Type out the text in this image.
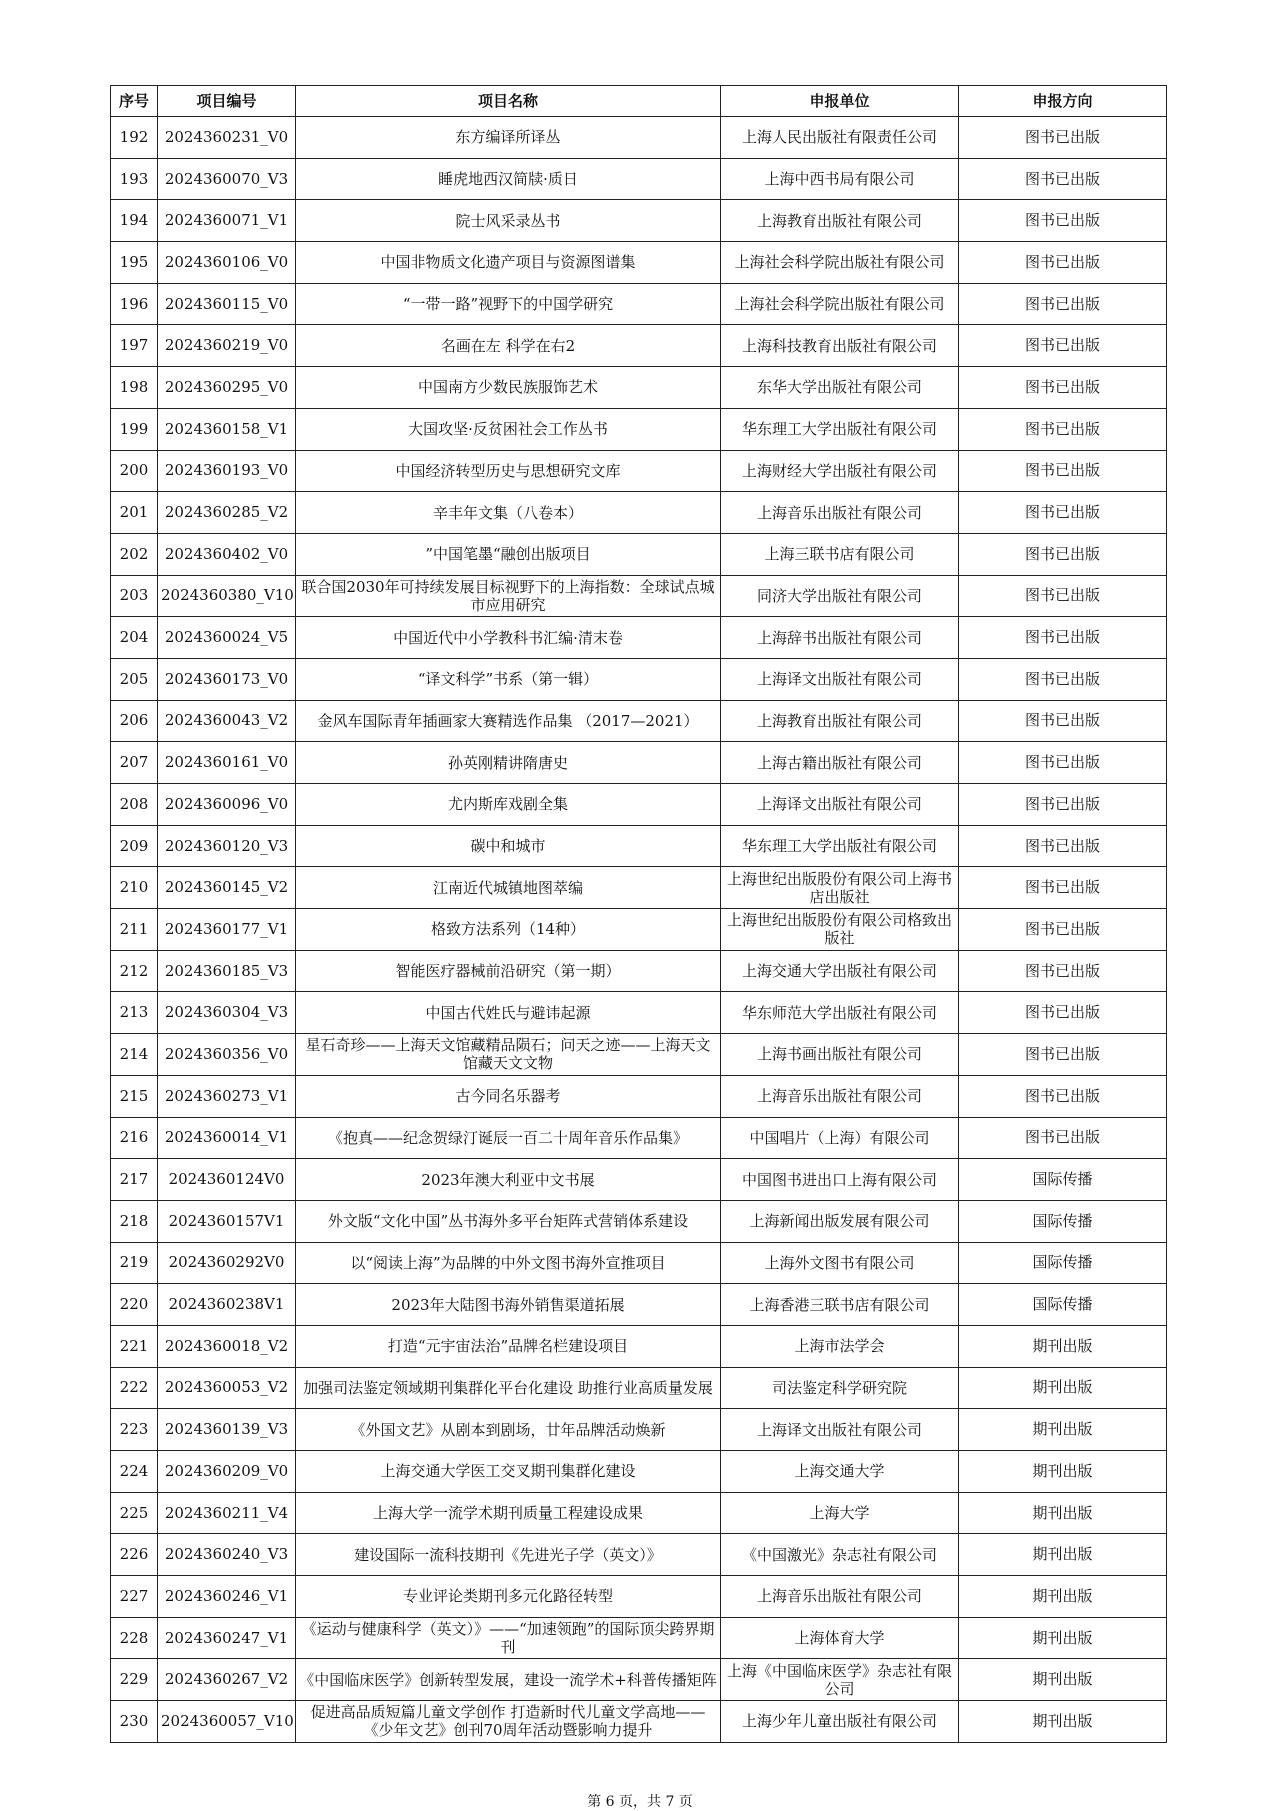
序号	项目编号	项目名称	申报单位	申报方向
192	2024360231_V0	东方编译所译丛	上海人民出版社有限责任公司	图书已出版
193	2024360070_V3	睡虎地西汉简牍·质日	上海中西书局有限公司	图书已出版
194	2024360071_V1	院士风采录丛书	上海教育出版社有限公司	图书已出版
195	2024360106_V0	中国非物质文化遗产项目与资源图谱集	上海社会科学院出版社有限公司	图书已出版
196	2024360115_V0	“一带一路”视野下的中国学研究	上海社会科学院出版社有限公司	图书已出版
197	2024360219_V0	名画在左 科学在右2	上海科技教育出版社有限公司	图书已出版
198	2024360295_V0	中国南方少数民族服饰艺术	东华大学出版社有限公司	图书已出版
199	2024360158_V1	大国攻坚·反贫困社会工作丛书	华东理工大学出版社有限公司	图书已出版
200	2024360193_V0	中国经济转型历史与思想研究文库	上海财经大学出版社有限公司	图书已出版
201	2024360285_V2	辛丰年文集（八卷本）	上海音乐出版社有限公司	图书已出版
202	2024360402_V0	”中国笔墨“融创出版项目	上海三联书店有限公司	图书已出版
203	2024360380_V10	联合国2030年可持续发展目标视野下的上海指数：全球试点城市应用研究	同济大学出版社有限公司	图书已出版
204	2024360024_V5	中国近代中小学教科书汇编·清末卷	上海辞书出版社有限公司	图书已出版
205	2024360173_V0	“译文科学”书系（第一辑）	上海译文出版社有限公司	图书已出版
206	2024360043_V2	金风车国际青年插画家大赛精选作品集 （2017—2021）	上海教育出版社有限公司	图书已出版
207	2024360161_V0	孙英刚精讲隋唐史	上海古籍出版社有限公司	图书已出版
208	2024360096_V0	尤内斯库戏剧全集	上海译文出版社有限公司	图书已出版
209	2024360120_V3	碳中和城市	华东理工大学出版社有限公司	图书已出版
210	2024360145_V2	江南近代城镇地图萃编	上海世纪出版股份有限公司上海书店出版社	图书已出版
211	2024360177_V1	格致方法系列（14种）	上海世纪出版股份有限公司格致出版社	图书已出版
212	2024360185_V3	智能医疗器械前沿研究（第一期）	上海交通大学出版社有限公司	图书已出版
213	2024360304_V3	中国古代姓氏与避讳起源	华东师范大学出版社有限公司	图书已出版
214	2024360356_V0	星石奇珍——上海天文馆藏精品陨石；问天之迹——上海天文馆藏天文文物	上海书画出版社有限公司	图书已出版
215	2024360273_V1	古今同名乐器考	上海音乐出版社有限公司	图书已出版
216	2024360014_V1	《抱真——纪念贺绿汀诞辰一百二十周年音乐作品集》	中国唱片（上海）有限公司	图书已出版
217	2024360124V0	2023年澳大利亚中文书展	中国图书进出口上海有限公司	国际传播
218	2024360157V1	外文版“文化中国”丛书海外多平台矩阵式营销体系建设	上海新闻出版发展有限公司	国际传播
219	2024360292V0	以“阅读上海”为品牌的中外文图书海外宣推项目	上海外文图书有限公司	国际传播
220	2024360238V1	2023年大陆图书海外销售渠道拓展	上海香港三联书店有限公司	国际传播
221	2024360018_V2	打造“元宇宙法治”品牌名栏建设项目	上海市法学会	期刊出版
222	2024360053_V2	加强司法鉴定领域期刊集群化平台化建设 助推行业高质量发展	司法鉴定科学研究院	期刊出版
223	2024360139_V3	《外国文艺》从剧本到剧场，廿年品牌活动焕新	上海译文出版社有限公司	期刊出版
224	2024360209_V0	上海交通大学医工交叉期刊集群化建设	上海交通大学	期刊出版
225	2024360211_V4	上海大学一流学术期刊质量工程建设成果	上海大学	期刊出版
226	2024360240_V3	建设国际一流科技期刊《先进光子学（英文）》	《中国激光》杂志社有限公司	期刊出版
227	2024360246_V1	专业评论类期刊多元化路径转型	上海音乐出版社有限公司	期刊出版
228	2024360247_V1	《运动与健康科学（英文）》——“加速领跑”的国际顶尖跨界期刊	上海体育大学	期刊出版
229	2024360267_V2	《中国临床医学》创新转型发展，建设一流学术+科普传播矩阵	上海《中国临床医学》杂志社有限公司	期刊出版
230	2024360057_V10	促进高品质短篇儿童文学创作 打造新时代儿童文学高地——《少年文艺》创刊70周年活动暨影响力提升	上海少年儿童出版社有限公司	期刊出版
第 6 页，共 7 页
